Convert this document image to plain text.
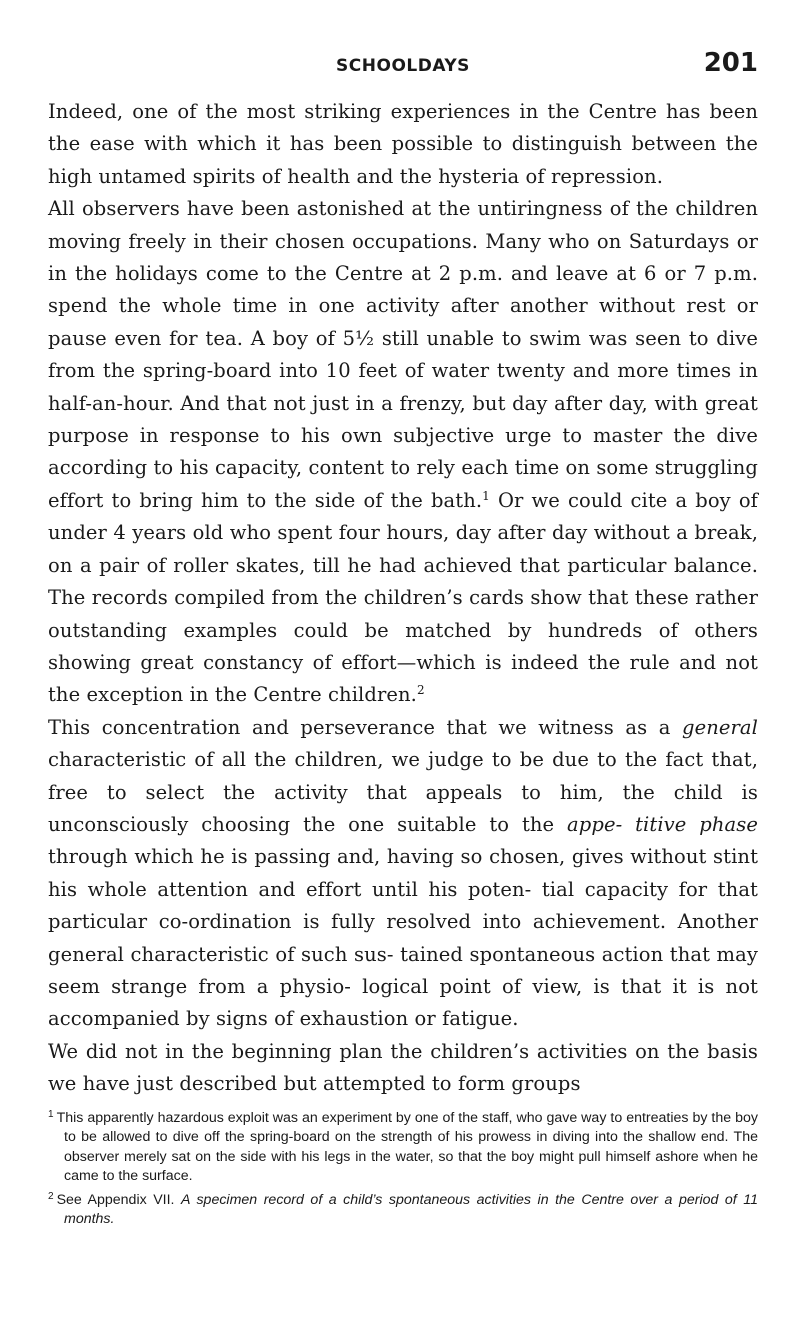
SCHOOLDAYS	201

Indeed, one of the most striking experiences in the Centre has been the ease with which it has been possible to distinguish between the high untamed spirits of health and the hysteria of repression.

All observers have been astonished at the untiringness of the children moving freely in their chosen occupations. Many who on Saturdays or in the holidays come to the Centre at 2 p.m. and leave at 6 or 7 p.m. spend the whole time in one activity after another without rest or pause even for tea. A boy of 5½ still unable to swim was seen to dive from the spring-board into 10 feet of water twenty and more times in half-an-hour. And that not just in a frenzy, but day after day, with great purpose in response to his own subjective urge to master the dive according to his capacity, content to rely each time on some struggling effort to bring him to the side of the bath.$^1$ Or we could cite a boy of under 4 years old who spent four hours, day after day without a break, on a pair of roller skates, till he had achieved that particular balance. The records compiled from the children’s cards show that these rather outstanding examples could be matched by hundreds of others showing great constancy of effort—which is indeed the rule and not the exception in the Centre children.$^2$

This concentration and perseverance that we witness as a general characteristic of all the children, we judge to be due to the fact that, free to select the activity that appeals to him, the child is unconsciously choosing the one suitable to the appe- titive phase through which he is passing and, having so chosen, gives without stint his whole attention and effort until his poten- tial capacity for that particular co-ordination is fully resolved into achievement. Another general characteristic of such sus- tained spontaneous action that may seem strange from a physio- logical point of view, is that it is not accompanied by signs of exhaustion or fatigue.

We did not in the beginning plan the children’s activities on the basis we have just described but attempted to form groups

$^1$ This apparently hazardous exploit was an experiment by one of the staff, who gave way to entreaties by the boy to be allowed to dive off the spring-board on the strength of his prowess in diving into the shallow end. The observer merely sat on the side with his legs in the water, so that the boy might pull himself ashore when he came to the surface.

$^2$ See Appendix VII. A specimen record of a child’s spontaneous activities in the Centre over a period of 11 months.
